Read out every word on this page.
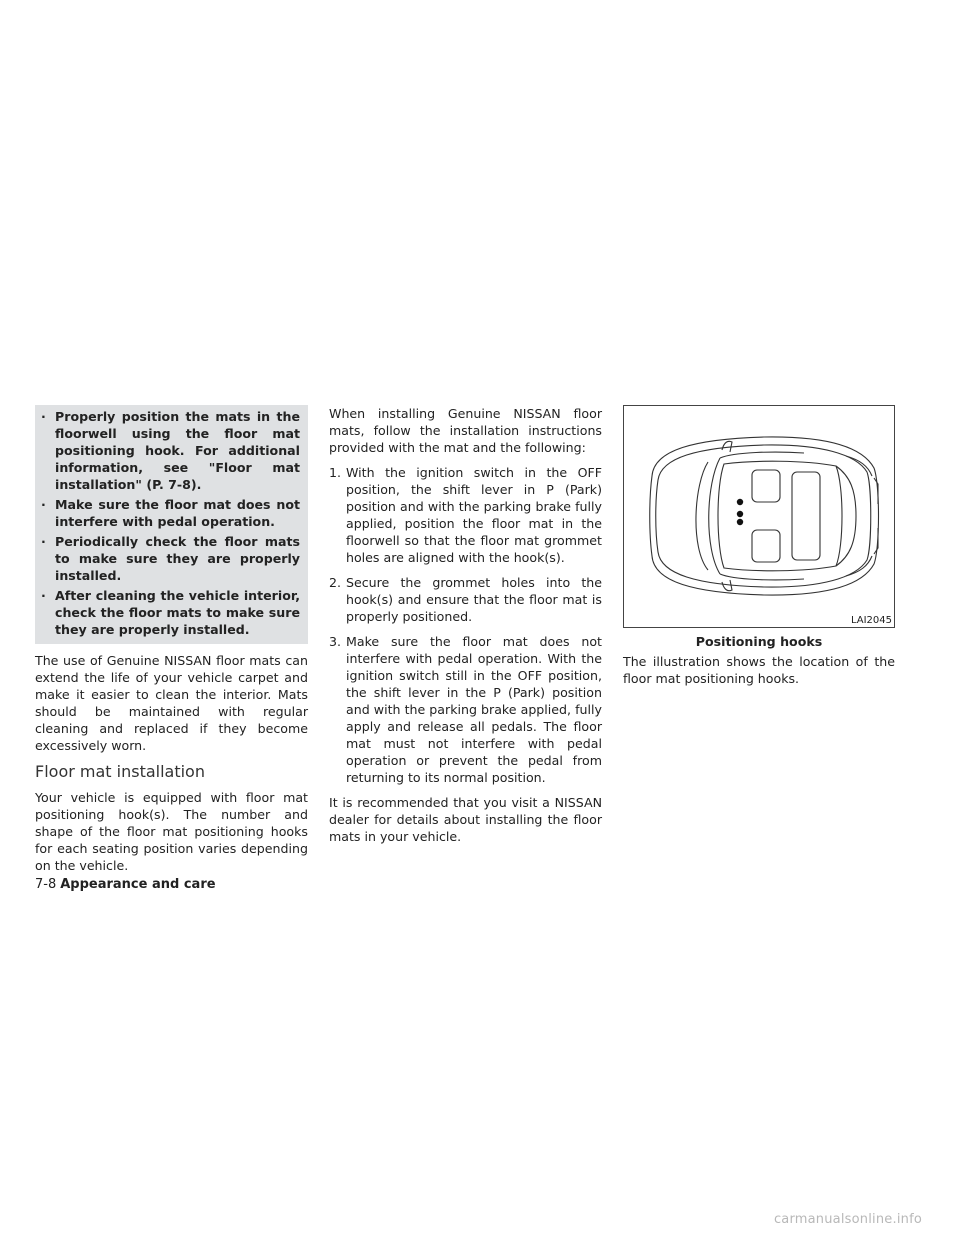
· Properly position the mats in the floorwell using the floor mat positioning hook. For additional information, see "Floor mat installation" (P. 7-8).
· Make sure the floor mat does not interfere with pedal operation.
· Periodically check the floor mats to make sure they are properly installed.
· After cleaning the vehicle interior, check the floor mats to make sure they are properly installed.

The use of Genuine NISSAN floor mats can extend the life of your vehicle carpet and make it easier to clean the interior. Mats should be maintained with regular cleaning and replaced if they become excessively worn.

Floor mat installation

Your vehicle is equipped with floor mat positioning hook(s). The number and shape of the floor mat positioning hooks for each seating position varies depending on the vehicle.

When installing Genuine NISSAN floor mats, follow the installation instructions provided with the mat and the following:

1. With the ignition switch in the OFF position, the shift lever in P (Park) position and with the parking brake fully applied, position the floor mat in the floorwell so that the floor mat grommet holes are aligned with the hook(s).
2. Secure the grommet holes into the hook(s) and ensure that the floor mat is properly positioned.
3. Make sure the floor mat does not interfere with pedal operation. With the ignition switch still in the OFF position, the shift lever in the P (Park) position and with the parking brake applied, fully apply and release all pedals. The floor mat must not interfere with pedal operation or prevent the pedal from returning to its normal position.

It is recommended that you visit a NISSAN dealer for details about installing the floor mats in your vehicle.

LAI2045
Positioning hooks

The illustration shows the location of the floor mat positioning hooks.

7-8 Appearance and care
carmanualsonline.info
